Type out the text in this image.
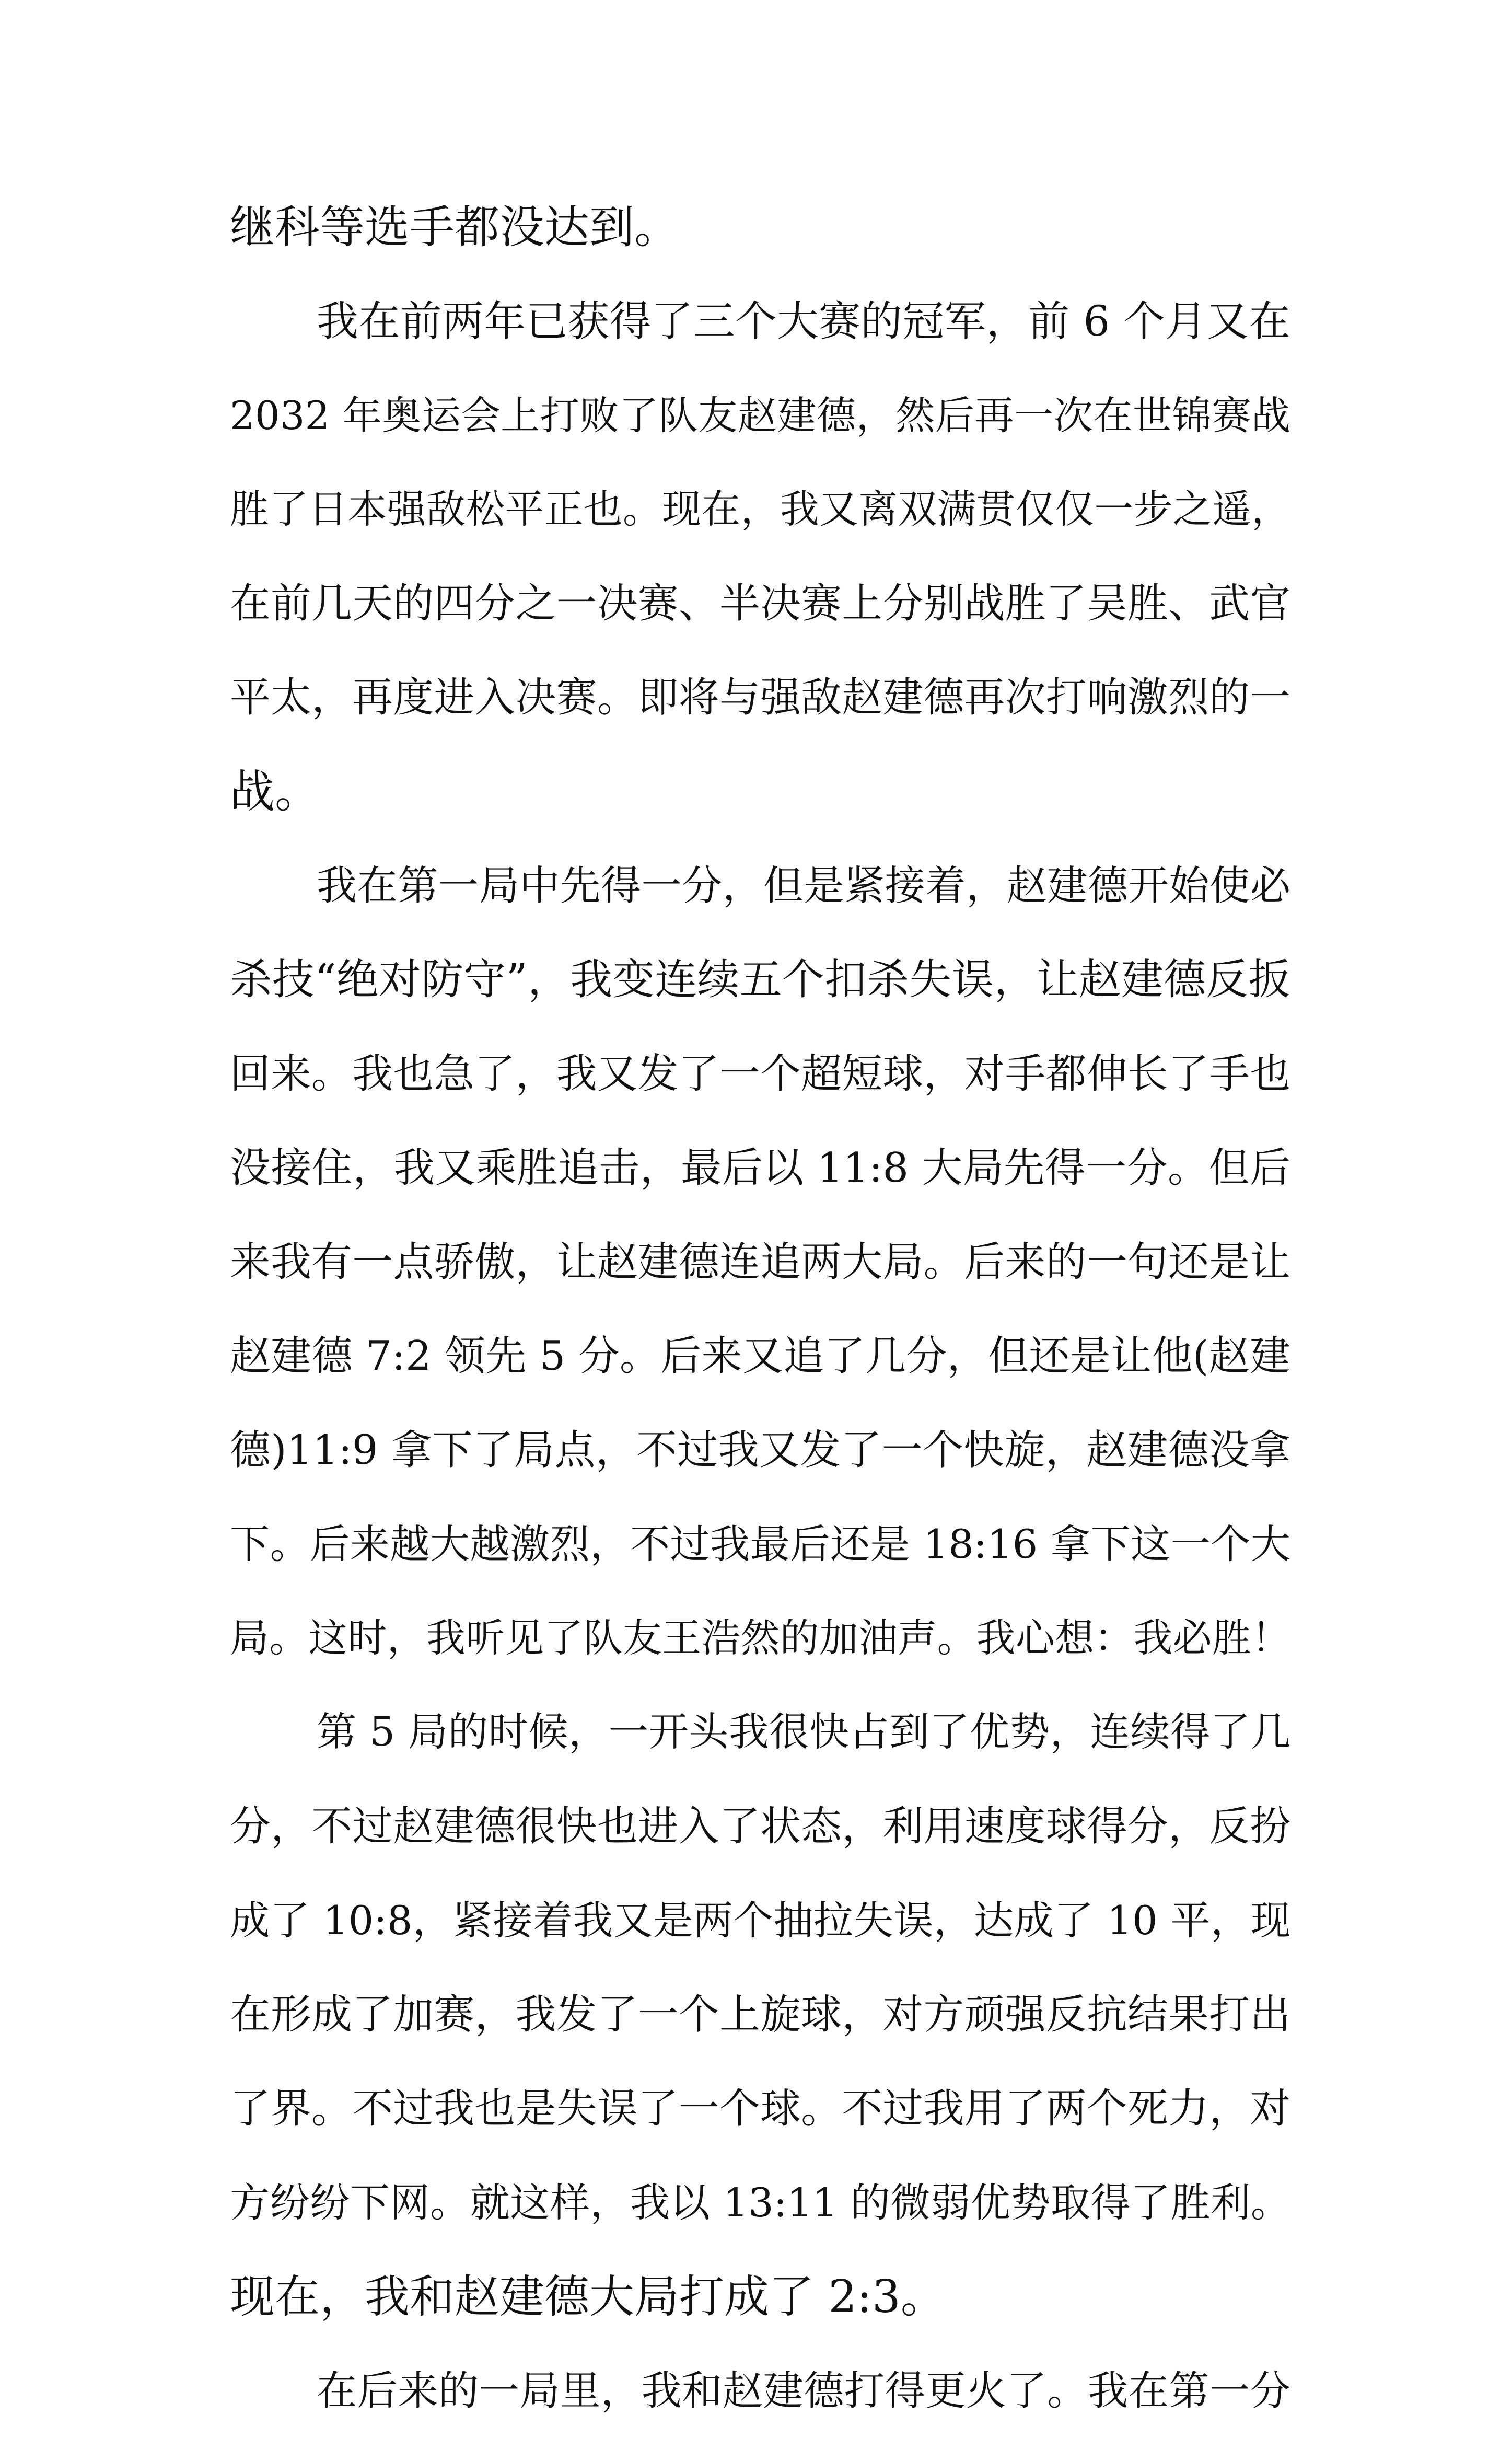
继科等选手都没达到。
我在前两年已获得了三个大赛的冠军，前 6 个月又在
2032 年奥运会上打败了队友赵建德，然后再一次在世锦赛战
胜了日本强敌松平正也。现在，我又离双满贯仅仅一步之遥，
在前几天的四分之一决赛、半决赛上分别战胜了吴胜、武官
平太，再度进入决赛。即将与强敌赵建德再次打响激烈的一
战。
我在第一局中先得一分，但是紧接着，赵建德开始使必
杀技“绝对防守”，我变连续五个扣杀失误，让赵建德反扳
回来。我也急了，我又发了一个超短球，对手都伸长了手也
没接住，我又乘胜追击，最后以 11:8 大局先得一分。但后
来我有一点骄傲，让赵建德连追两大局。后来的一句还是让
赵建德 7:2 领先 5 分。后来又追了几分，但还是让他(赵建
德)11:9 拿下了局点，不过我又发了一个快旋，赵建德没拿
下。后来越大越激烈，不过我最后还是 18:16 拿下这一个大
局。这时，我听见了队友王浩然的加油声。我心想：我必胜！
第 5 局的时候，一开头我很快占到了优势，连续得了几
分，不过赵建德很快也进入了状态，利用速度球得分，反扮
成了 10:8，紧接着我又是两个抽拉失误，达成了 10 平，现
在形成了加赛，我发了一个上旋球，对方顽强反抗结果打出
了界。不过我也是失误了一个球。不过我用了两个死力，对
方纷纷下网。就这样，我以 13:11 的微弱优势取得了胜利。
现在，我和赵建德大局打成了 2:3。
在后来的一局里，我和赵建德打得更火了。我在第一分
